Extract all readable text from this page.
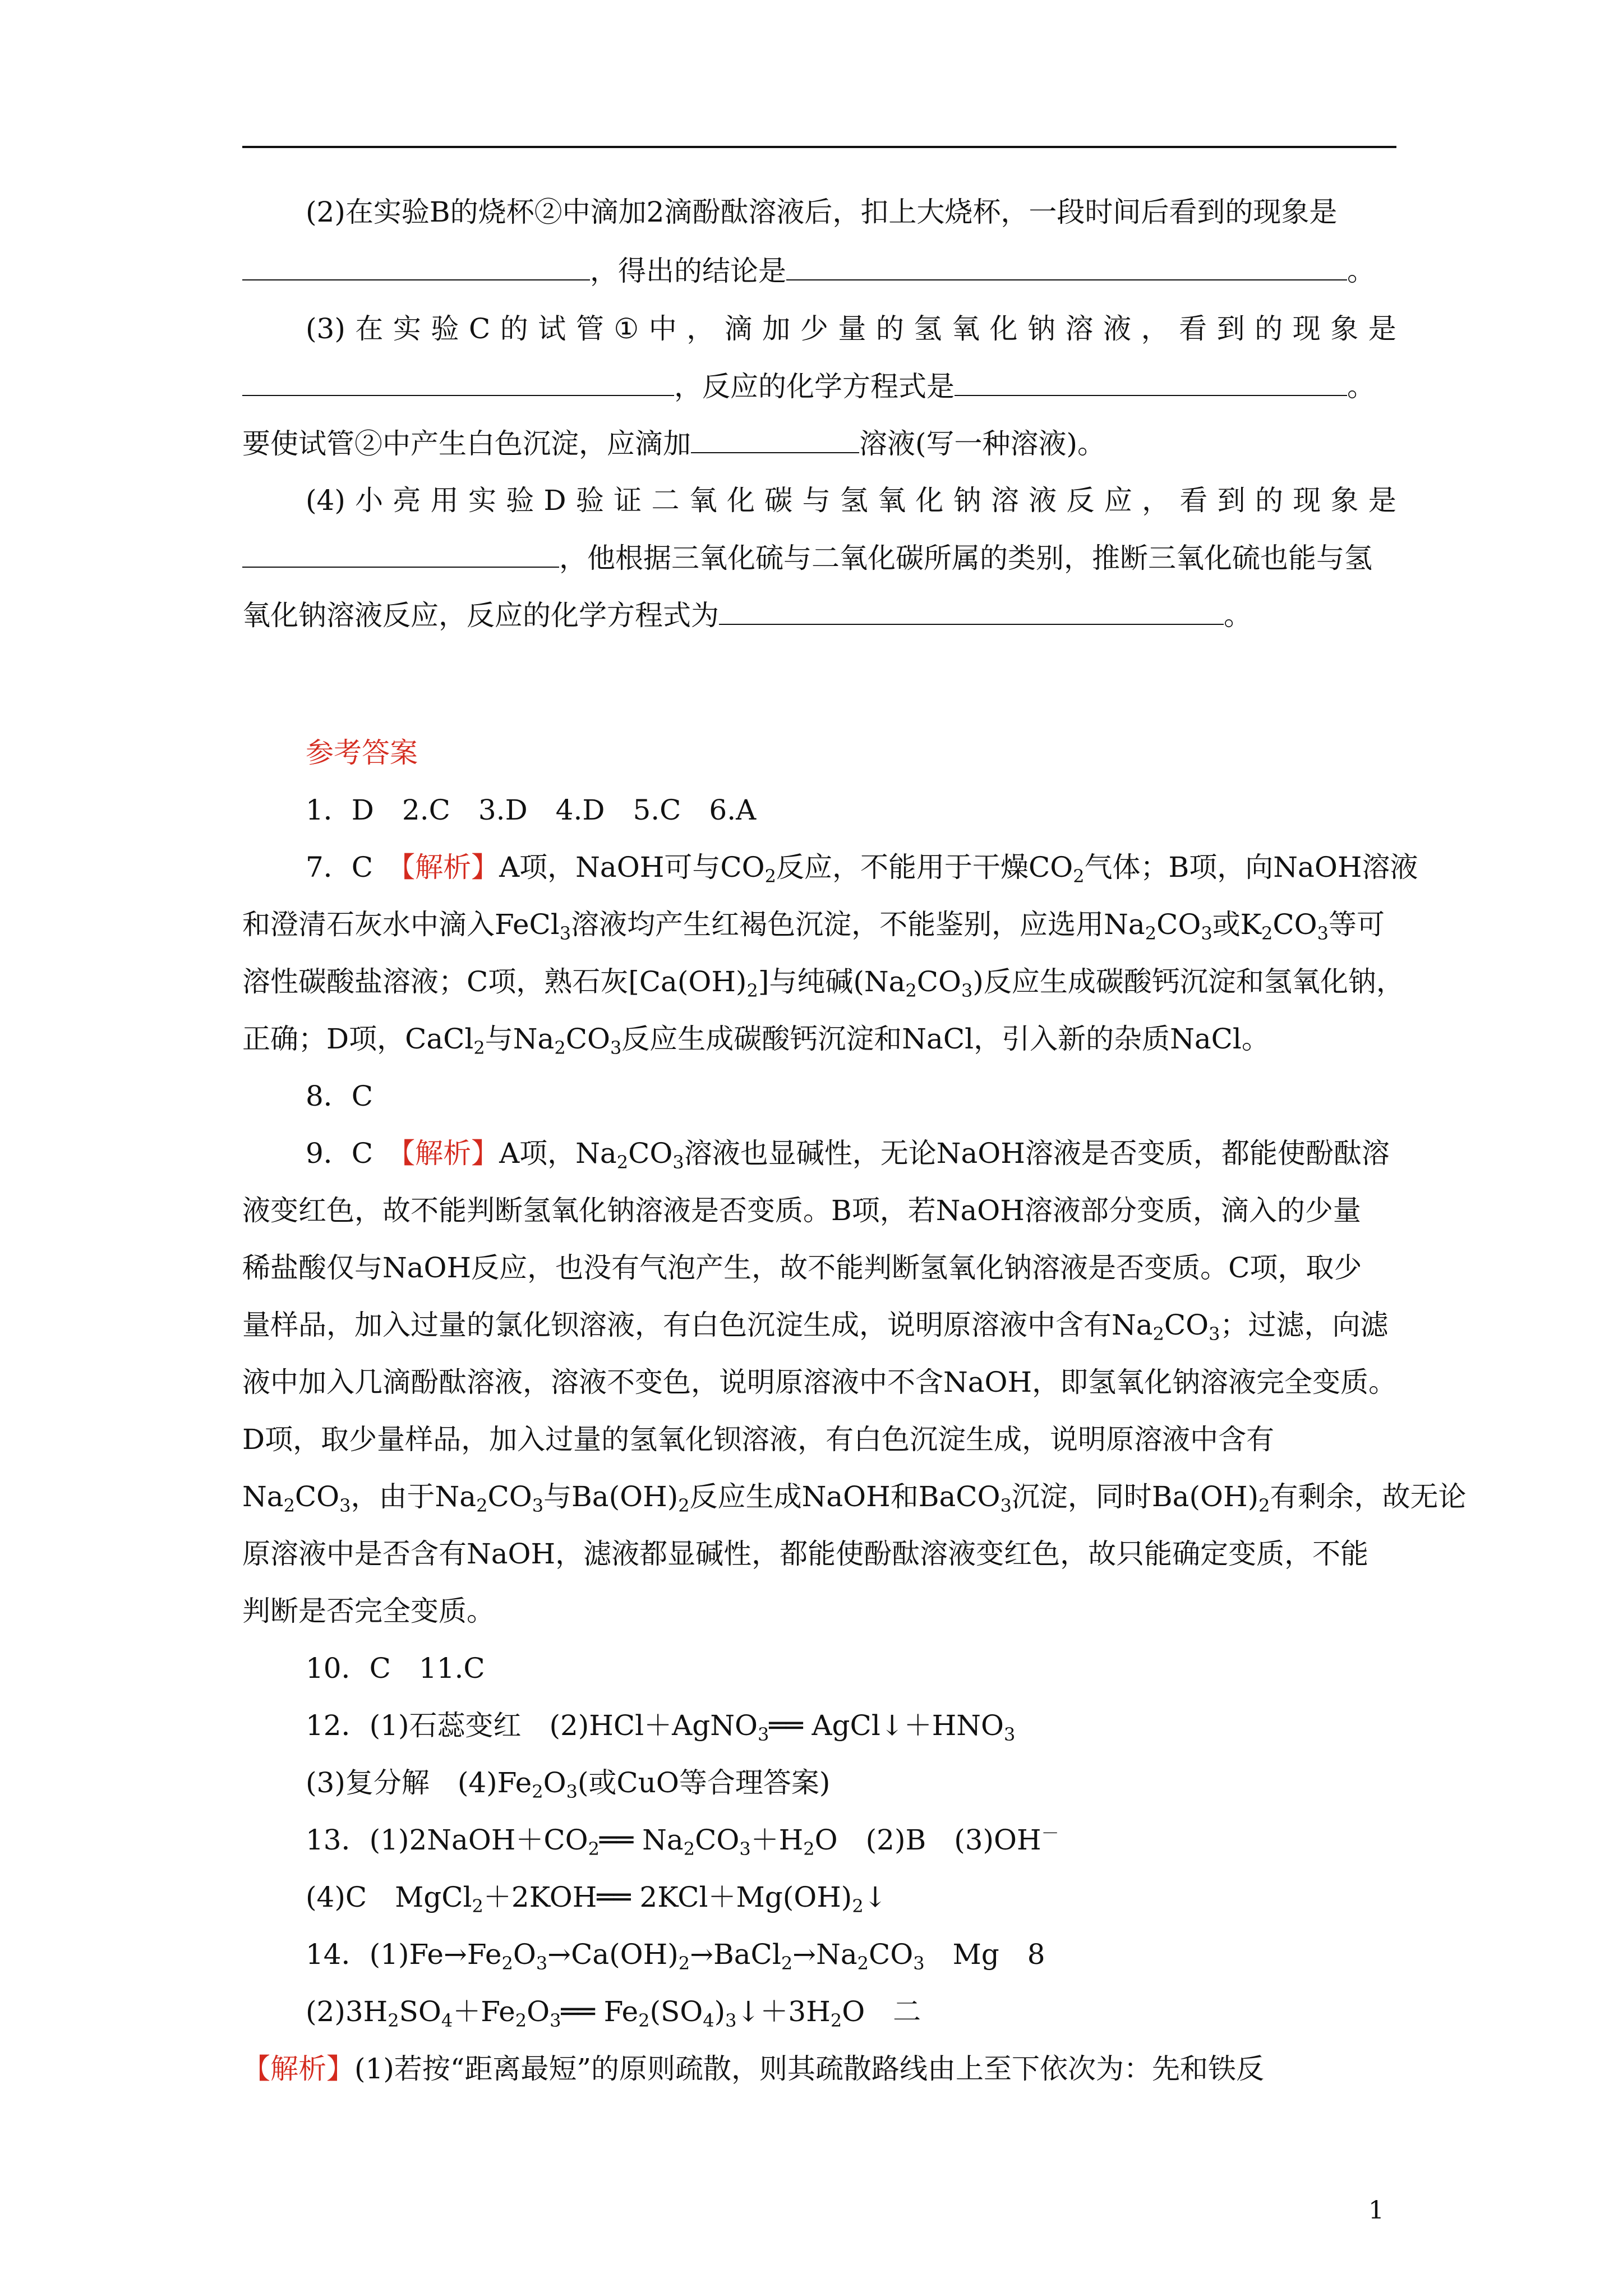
(2)在实验B的烧杯②中滴加2滴酚酞溶液后，扣上大烧杯，一段时间后看到的现象是
，得出的结论是	。
(3) 在 实 验 C 的 试 管 ① 中 ， 滴 加 少 量 的 氢 氧 化 钠 溶 液 ， 看 到 的 现 象 是
，反应的化学方程式是	。
要使试管②中产生白色沉淀，应滴加	溶液(写一种溶液)。
(4) 小 亮 用 实 验 D 验 证 二 氧 化 碳 与 氢 氧 化 钠 溶 液 反 应 ， 看 到 的 现 象 是
，他根据三氧化硫与二氧化碳所属的类别，推断三氧化硫也能与氢
氧化钠溶液反应，反应的化学方程式为	。
参考答案
1．D　2.C　3.D　4.D　5.C　6.A
7．C　【解析】A项，NaOH可与$CO_2$反应，不能用于干燥$CO_2$气体；B项，向NaOH溶液
和澄清石灰水中滴入FeCl$_3$溶液均产生红褐色沉淀，不能鉴别，应选用$Na_2CO_3$或$K_2CO_3$等可
溶性碳酸盐溶液；C项，熟石灰$[Ca(OH)_2]$与纯碱$(Na_2CO_3)$反应生成碳酸钙沉淀和氢氧化钠，
正确；D项，CaCl$_2$与$Na_2CO_3$反应生成碳酸钙沉淀和NaCl，引入新的杂质NaCl。
8．C
9．C　【解析】A项，$Na_2CO_3$溶液也显碱性，无论NaOH溶液是否变质，都能使酚酞溶
液变红色，故不能判断氢氧化钠溶液是否变质。B项，若NaOH溶液部分变质，滴入的少量
稀盐酸仅与NaOH反应，也没有气泡产生，故不能判断氢氧化钠溶液是否变质。C项，取少
量样品，加入过量的氯化钡溶液，有白色沉淀生成，说明原溶液中含有$Na_2CO_3$；过滤，向滤
液中加入几滴酚酞溶液，溶液不变色，说明原溶液中不含NaOH，即氢氧化钠溶液完全变质。
D项，取少量样品，加入过量的氢氧化钡溶液，有白色沉淀生成，说明原溶液中含有
$Na_2CO_3$，由于$Na_2CO_3$与$Ba(OH)_2$反应生成NaOH和BaCO$_3$沉淀，同时$Ba(OH)_2$有剩余，故无论
原溶液中是否含有NaOH，滤液都显碱性，都能使酚酞溶液变红色，故只能确定变质，不能
判断是否完全变质。
10．C　11.C
12．(1)石蕊变红　(2)HCl＋AgNO$_3$══ $AgCl↓+HNO_3$
(3)复分解　$(4)Fe_2O_3$(或CuO等合理答案)
13．$(1)2NaOH+CO_2══$ $Na_2CO_3+H_2O$　(2)B　(3)OH－
(4)C　MgCl$_2$＋2KOH══ $2KCl+Mg(OH)_2↓$
14．$(1)Fe\to Fe_2O_3\to Ca(OH)_2\to BaCl_2\to Na_2CO_3$　Mg　8
$(2)3H_2SO_4+Fe_2O_3══$ $Fe_2(SO_4)_3↓+3H_2O$　二
【解析】(1)若按“距离最短”的原则疏散，则其疏散路线由上至下依次为：先和铁反
1
